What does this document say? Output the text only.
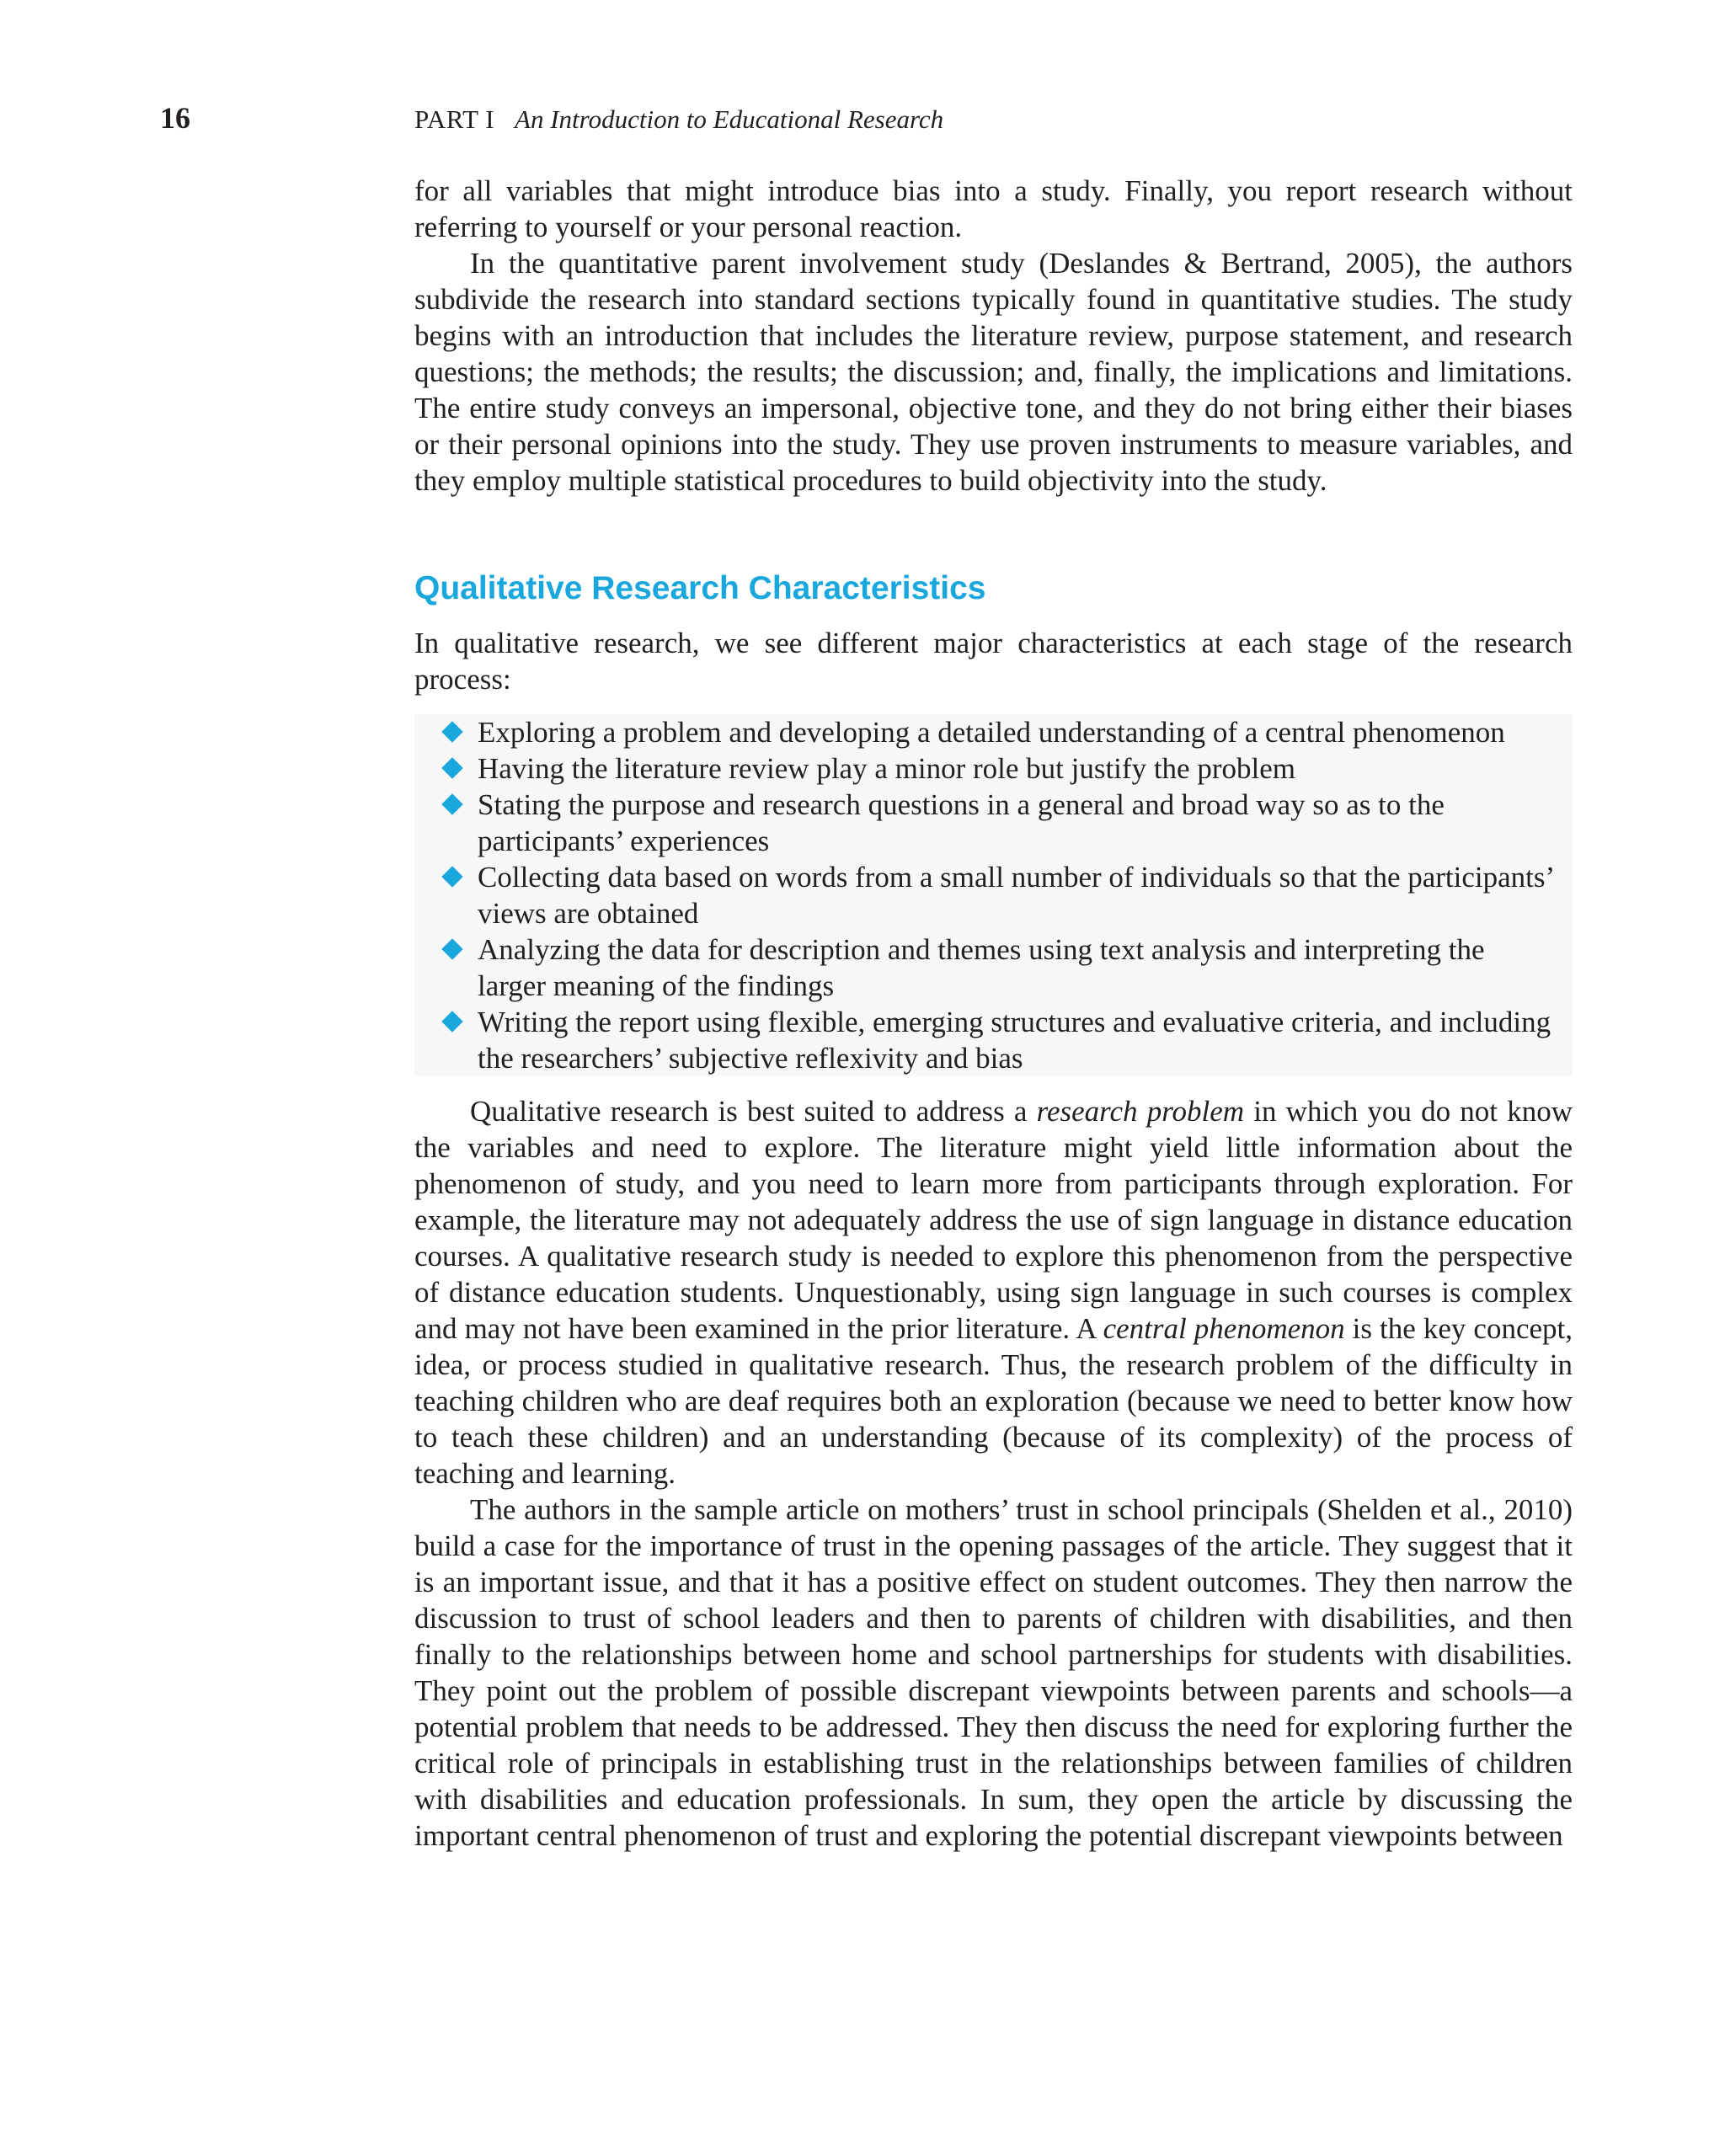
16	PART I An Introduction to Educational Research

for all variables that might introduce bias into a study. Finally, you report research without referring to yourself or your personal reaction.

In the quantitative parent involvement study (Deslandes & Bertrand, 2005), the authors subdivide the research into standard sections typically found in quantitative studies. The study begins with an introduction that includes the literature review, purpose statement, and research questions; the methods; the results; the discussion; and, finally, the implications and limitations. The entire study conveys an impersonal, objective tone, and they do not bring either their biases or their personal opinions into the study. They use proven instruments to measure variables, and they employ multiple statistical procedures to build objectivity into the study.

Qualitative Research Characteristics

In qualitative research, we see different major characteristics at each stage of the research process:

Exploring a problem and developing a detailed understanding of a central phenomenon
Having the literature review play a minor role but justify the problem
Stating the purpose and research questions in a general and broad way so as to the participants’ experiences
Collecting data based on words from a small number of individuals so that the participants’ views are obtained
Analyzing the data for description and themes using text analysis and interpreting the larger meaning of the findings
Writing the report using flexible, emerging structures and evaluative criteria, and including the researchers’ subjective reflexivity and bias

Qualitative research is best suited to address a research problem in which you do not know the variables and need to explore. The literature might yield little information about the phenomenon of study, and you need to learn more from participants through exploration. For example, the literature may not adequately address the use of sign language in distance education courses. A qualitative research study is needed to explore this phenomenon from the perspective of distance education students. Unquestionably, using sign language in such courses is complex and may not have been examined in the prior literature. A central phenomenon is the key concept, idea, or process studied in qualitative research. Thus, the research problem of the difficulty in teaching children who are deaf requires both an exploration (because we need to better know how to teach these children) and an understanding (because of its complexity) of the process of teaching and learning.

The authors in the sample article on mothers’ trust in school principals (Shelden et al., 2010) build a case for the importance of trust in the opening passages of the article. They suggest that it is an important issue, and that it has a positive effect on student outcomes. They then narrow the discussion to trust of school leaders and then to parents of children with disabilities, and then finally to the relationships between home and school partnerships for students with disabilities. They point out the problem of possible discrepant viewpoints between parents and schools—a potential problem that needs to be addressed. They then discuss the need for exploring further the critical role of principals in establishing trust in the relationships between families of children with disabilities and education professionals. In sum, they open the article by discussing the important central phenomenon of trust and exploring the potential discrepant viewpoints between
